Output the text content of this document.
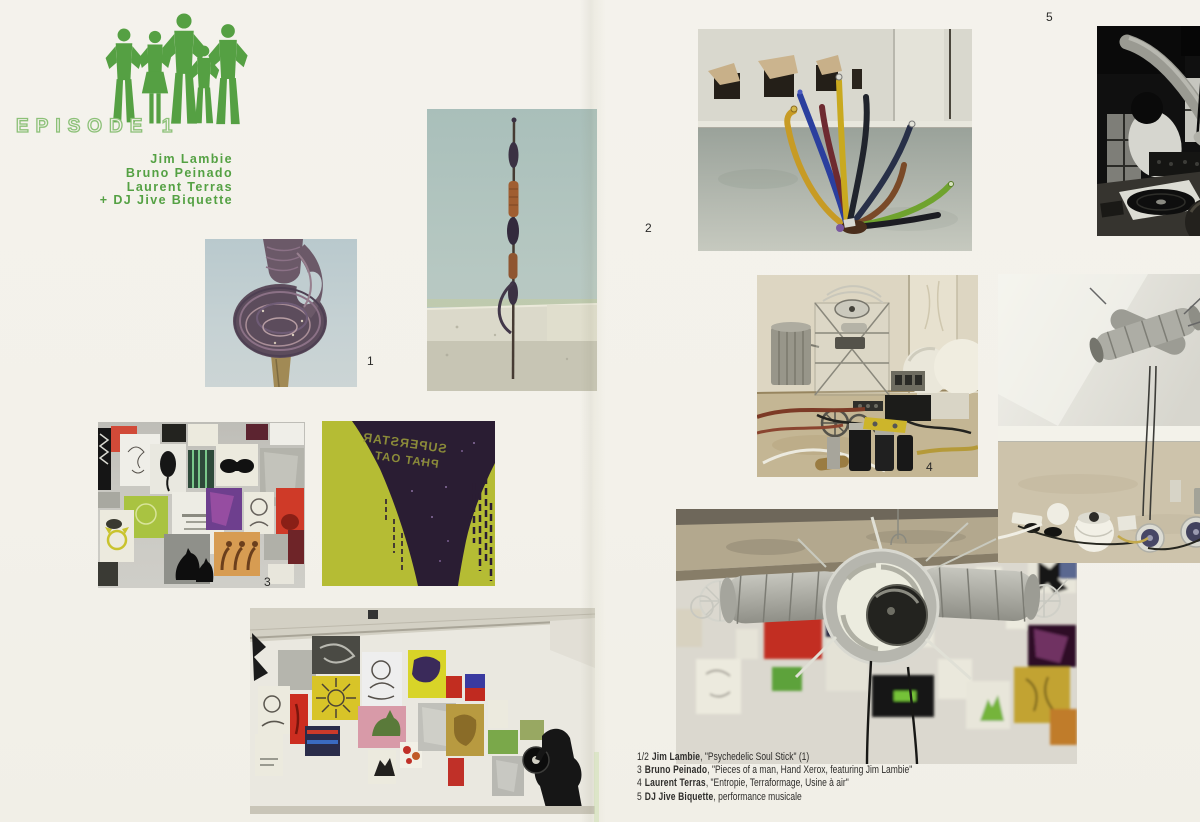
EPISODE 1
Jim Lambie
Bruno Peinado
Laurent Terras
+ DJ Jive Biquette
SUPERSTAR
PHAT OAT
1
2
3
4
5
1/2 Jim Lambie, "Psychedelic Soul Stick" (1)
3 Bruno Peinado, "Pieces of a man, Hand Xerox, featuring Jim Lambie"
4 Laurent Terras, "Entropie, Terraformage, Usine à air"
5 DJ Jive Biquette, performance musicale
